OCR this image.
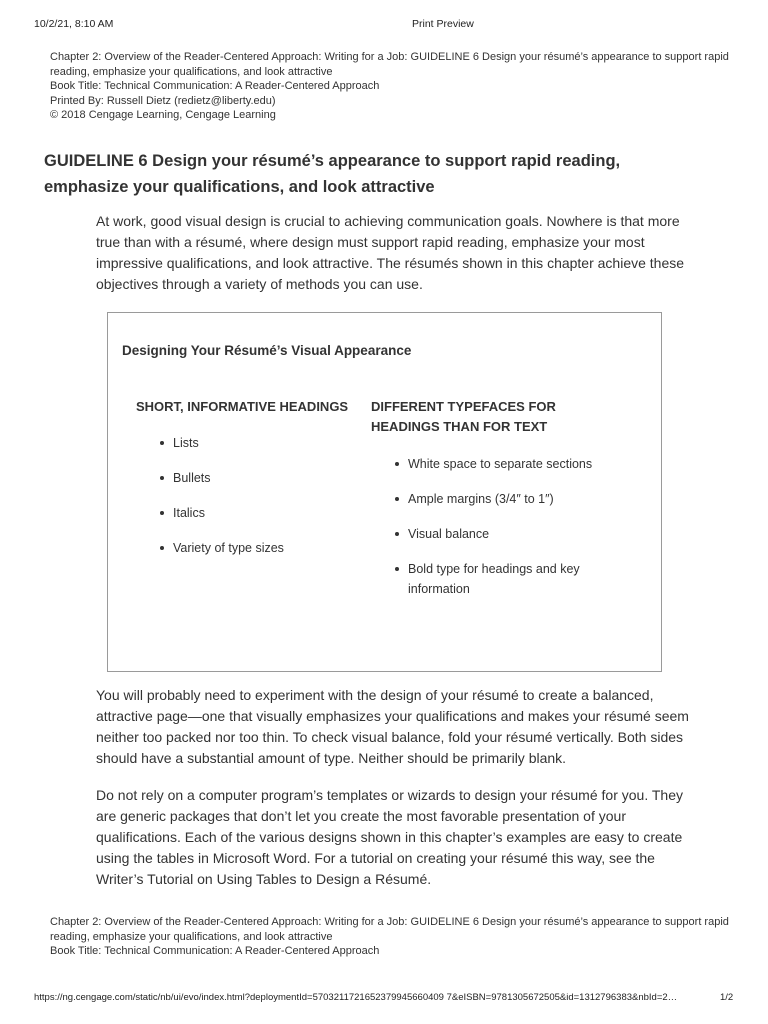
10/2/21, 8:10 AM	Print Preview
Chapter 2: Overview of the Reader-Centered Approach: Writing for a Job: GUIDELINE 6 Design your résumé’s appearance to support rapid reading, emphasize your qualifications, and look attractive
Book Title: Technical Communication: A Reader-Centered Approach
Printed By: Russell Dietz (redietz@liberty.edu)
© 2018 Cengage Learning, Cengage Learning
GUIDELINE 6 Design your résumé’s appearance to support rapid reading, emphasize your qualifications, and look attractive
At work, good visual design is crucial to achieving communication goals. Nowhere is that more true than with a résumé, where design must support rapid reading, emphasize your most impressive qualifications, and look attractive. The résumés shown in this chapter achieve these objectives through a variety of methods you can use.
Designing Your Résumé’s Visual Appearance
SHORT, INFORMATIVE HEADINGS
Lists
Bullets
Italics
Variety of type sizes
DIFFERENT TYPEFACES FOR HEADINGS THAN FOR TEXT
White space to separate sections
Ample margins (3/4″ to 1″)
Visual balance
Bold type for headings and key information
You will probably need to experiment with the design of your résumé to create a balanced, attractive page—one that visually emphasizes your qualifications and makes your résumé seem neither too packed nor too thin. To check visual balance, fold your résumé vertically. Both sides should have a substantial amount of type. Neither should be primarily blank.
Do not rely on a computer program’s templates or wizards to design your résumé for you. They are generic packages that don’t let you create the most favorable presentation of your qualifications. Each of the various designs shown in this chapter’s examples are easy to create using the tables in Microsoft Word. For a tutorial on creating your résumé this way, see the Writer’s Tutorial on Using Tables to Design a Résumé.
Chapter 2: Overview of the Reader-Centered Approach: Writing for a Job: GUIDELINE 6 Design your résumé’s appearance to support rapid reading, emphasize your qualifications, and look attractive
Book Title: Technical Communication: A Reader-Centered Approach
https://ng.cengage.com/static/nb/ui/evo/index.html?deploymentId=5703211721652379945660409 7&eISBN=9781305672505&id=1312796383&nbId=2…	1/2
